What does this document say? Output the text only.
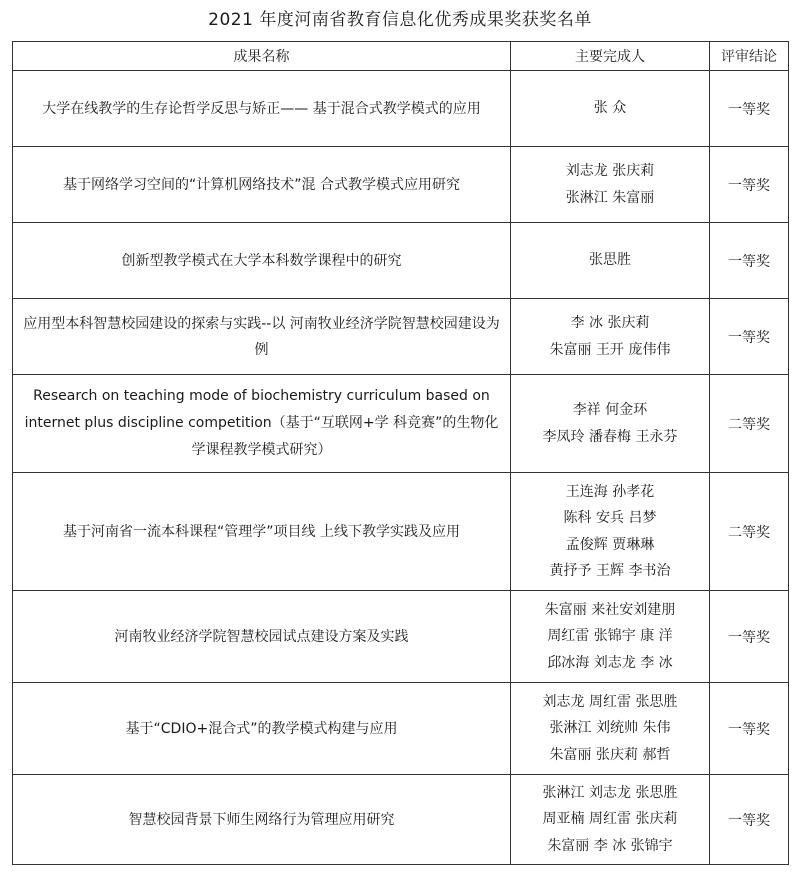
2021 年度河南省教育信息化优秀成果奖获奖名单
成果名称	主要完成人	评审结论
大学在线教学的生存论哲学反思与矫正—— 基于混合式教学模式的应用	张 众	一等奖
基于网络学习空间的“计算机网络技术”混 合式教学模式应用研究	刘志龙 张庆莉
张淋江 朱富丽	一等奖
创新型教学模式在大学本科数学课程中的研究	张思胜	一等奖
应用型本科智慧校园建设的探索与实践--以 河南牧业经济学院智慧校园建设为例	李 冰 张庆莉
朱富丽 王开 庞伟伟	一等奖
Research on teaching mode of biochemistry curriculum based on internet plus discipline competition（基于“互联网+学 科竞赛”的生物化学课程教学模式研究）	李祥 何金环
李凤玲 潘春梅 王永芬	二等奖
基于河南省一流本科课程“管理学”项目线 上线下教学实践及应用	王连海 孙孝花
陈科 安兵 吕梦
孟俊辉 贾琳琳
黄抒予 王辉 李书治	二等奖
河南牧业经济学院智慧校园试点建设方案及实践	朱富丽 来社安刘建朋
周红雷 张锦宇 康 洋
邱冰海 刘志龙 李 冰	一等奖
基于“CDIO+混合式”的教学模式构建与应用	刘志龙 周红雷 张思胜
张淋江 刘统帅 朱伟
朱富丽 张庆莉 郝哲	一等奖
智慧校园背景下师生网络行为管理应用研究	张淋江 刘志龙 张思胜
周亚楠 周红雷 张庆莉
朱富丽 李 冰 张锦宇	一等奖
